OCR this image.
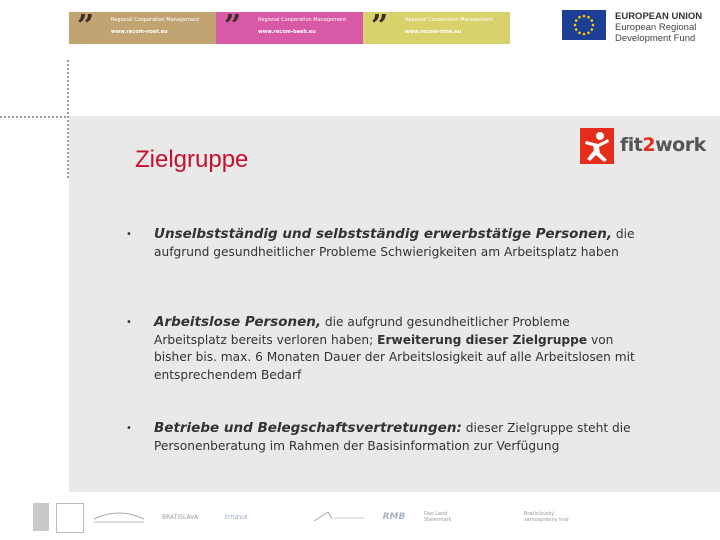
”	Regional Cooperation Management
www.recom-noet.eu ”	Regional Cooperation Management
www.recom-baeh.eu ”	Regional Cooperation Management
www.recom-stne.eu
EUROPEAN UNION
European Regional
Development Fund
Zielgruppe
fit2work
• Unselbstständig und selbstständig erwerbstätige Personen, die aufgrund gesundheitlicher Probleme Schwierigkeiten am Arbeitsplatz haben
• Arbeitslose Personen, die aufgrund gesundheitlicher Probleme Arbeitsplatz bereits verloren haben; Erweiterung dieser Zielgruppe von bisher bis. max. 6 Monaten Dauer der Arbeitslosigkeit auf alle Arbeitslosen mit entsprechendem Bedarf
• Betriebe und Belegschaftsvertretungen: dieser Zielgruppe steht die Personenberatung im Rahmen der Basisinformation zur Verfügung
BRATISLAVA	trnava	RMB	Das Land Steiermark
Bratislavský samosprávny kraj
